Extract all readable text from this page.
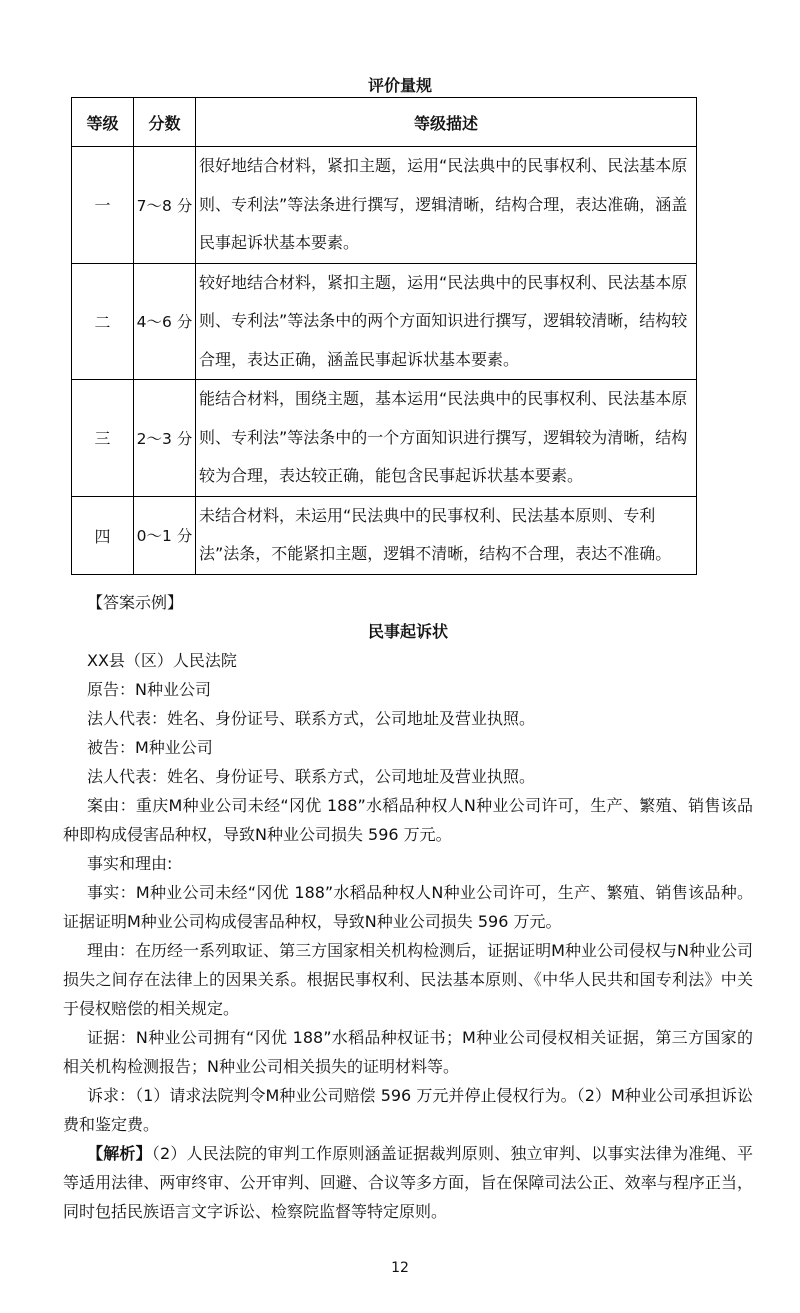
评价量规
等级	分数	等级描述
一	7～8 分	很好地结合材料，紧扣主题，运用“民法典中的民事权利、民法基本原则、专利法”等法条进行撰写，逻辑清晰，结构合理，表达准确，涵盖民事起诉状基本要素。
二	4～6 分	较好地结合材料，紧扣主题，运用“民法典中的民事权利、民法基本原则、专利法”等法条中的两个方面知识进行撰写，逻辑较清晰，结构较合理，表达正确，涵盖民事起诉状基本要素。
三	2～3 分	能结合材料，围绕主题，基本运用“民法典中的民事权利、民法基本原则、专利法”等法条中的一个方面知识进行撰写，逻辑较为清晰，结构较为合理，表达较正确，能包含民事起诉状基本要素。
四	0～1 分	未结合材料，未运用“民法典中的民事权利、民法基本原则、专利法”法条，不能紧扣主题，逻辑不清晰，结构不合理，表达不准确。

【答案示例】

民事起诉状

XX县（区）人民法院

原告：N种业公司

法人代表：姓名、身份证号、联系方式，公司地址及营业执照。

被告：M种业公司

法人代表：姓名、身份证号、联系方式，公司地址及营业执照。

案由：重庆M种业公司未经“冈优 188”水稻品种权人N种业公司许可，生产、繁殖、销售该品种即构成侵害品种权，导致N种业公司损失 596 万元。

事实和理由:

事实：M种业公司未经“冈优 188”水稻品种权人N种业公司许可，生产、繁殖、销售该品种。证据证明M种业公司构成侵害品种权，导致N种业公司损失 596 万元。

理由：在历经一系列取证、第三方国家相关机构检测后，证据证明M种业公司侵权与N种业公司损失之间存在法律上的因果关系。根据民事权利、民法基本原则、《中华人民共和国专利法》中关于侵权赔偿的相关规定。

证据：N种业公司拥有“冈优 188”水稻品种权证书；M种业公司侵权相关证据，第三方国家的相关机构检测报告；N种业公司相关损失的证明材料等。

诉求：（1）请求法院判令M种业公司赔偿 596 万元并停止侵权行为。（2）M种业公司承担诉讼费和鉴定费。

【解析】（2）人民法院的审判工作原则涵盖证据裁判原则、独立审判、以事实法律为准绳、平等适用法律、两审终审、公开审判、回避、合议等多方面，旨在保障司法公正、效率与程序正当，同时包括民族语言文字诉讼、检察院监督等特定原则。

12
